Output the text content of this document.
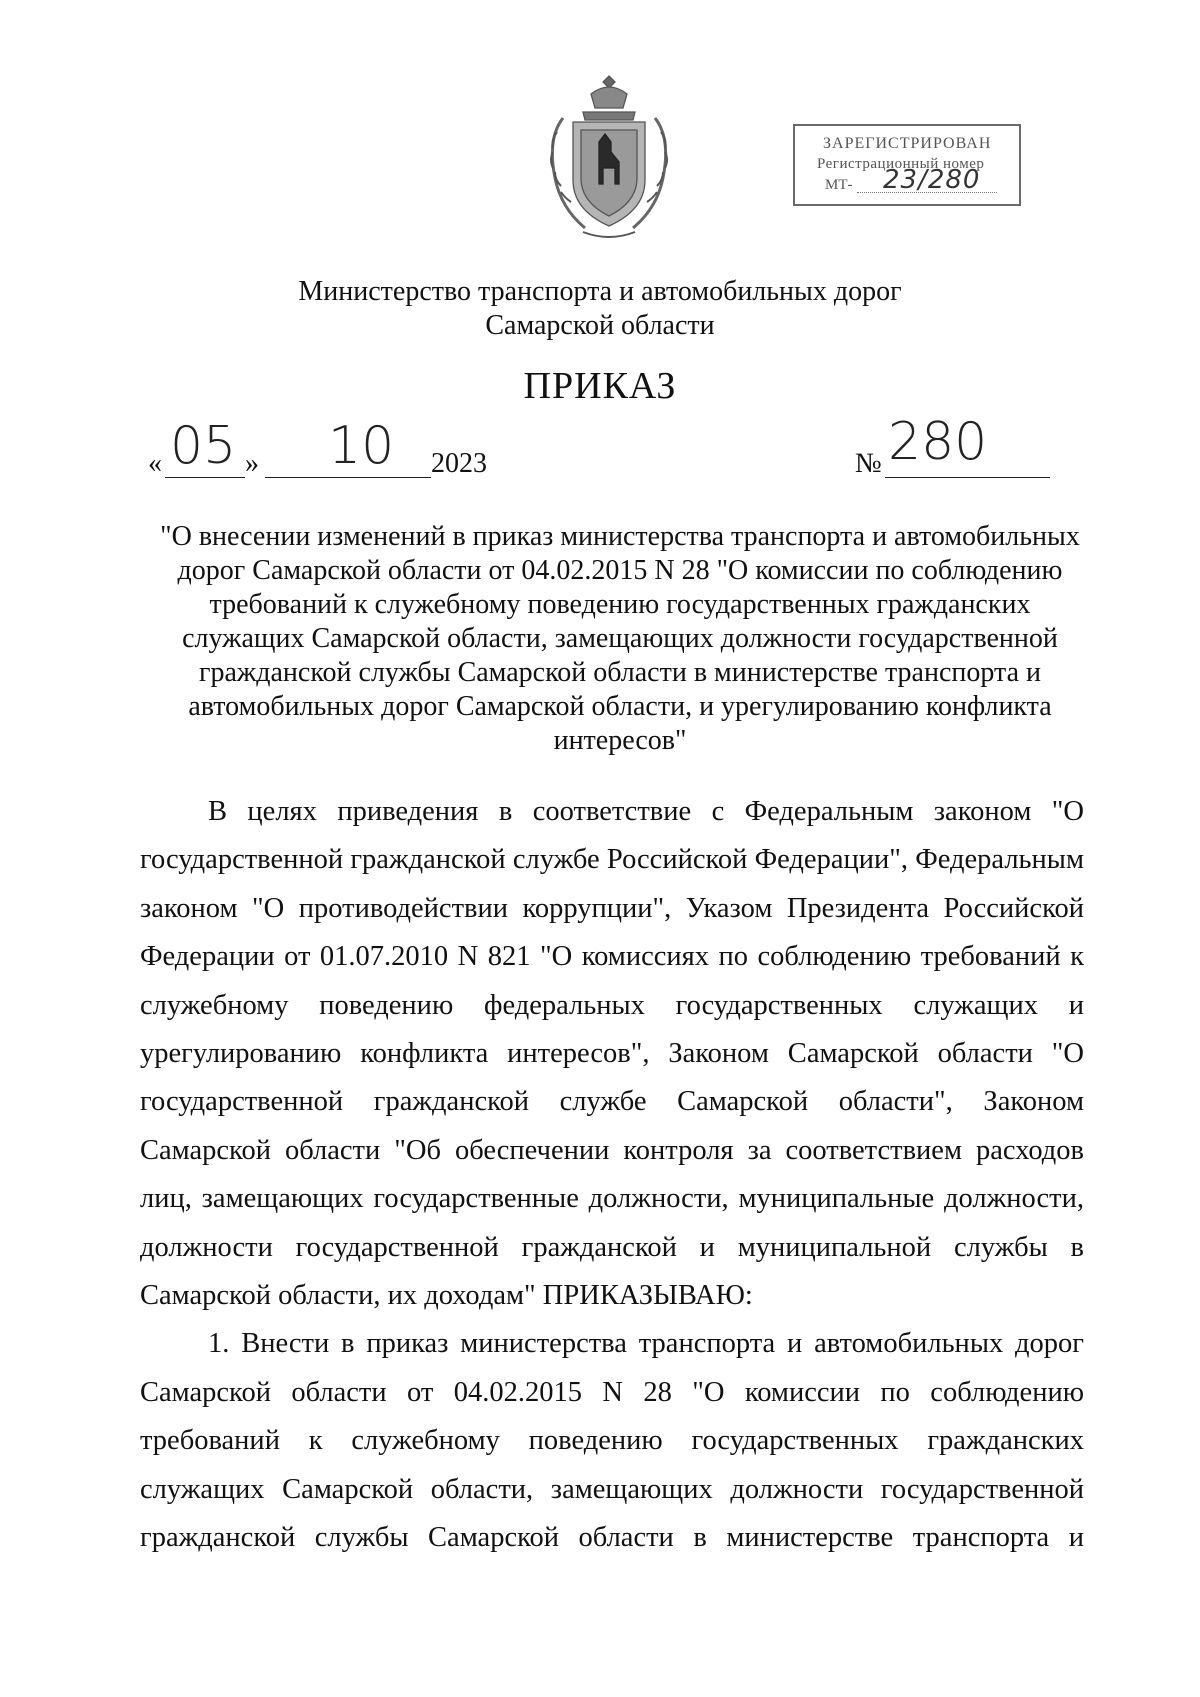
ЗАРЕГИСТРИРОВАН
Регистрационный номер
МТ- 23/280
Министерство транспорта и автомобильных дорог
Самарской области
ПРИКАЗ
« 05 » 10 2023	№ 280
"О внесении изменений в приказ министерства транспорта и автомобильных дорог Самарской области от 04.02.2015 N 28 "О комиссии по соблюдению требований к служебному поведению государственных гражданских служащих Самарской области, замещающих должности государственной гражданской службы Самарской области в министерстве транспорта и автомобильных дорог Самарской области, и урегулированию конфликта интересов"

В целях приведения в соответствие с Федеральным законом "О государственной гражданской службе Российской Федерации", Федеральным законом "О противодействии коррупции", Указом Президента Российской Федерации от 01.07.2010 N 821 "О комиссиях по соблюдению требований к служебному поведению федеральных государственных служащих и урегулированию конфликта интересов", Законом Самарской области "О государственной гражданской службе Самарской области", Законом Самарской области "Об обеспечении контроля за соответствием расходов лиц, замещающих государственные должности, муниципальные должности, должности государственной гражданской и муниципальной службы в Самарской области, их доходам" ПРИКАЗЫВАЮ:

1. Внести в приказ министерства транспорта и автомобильных дорог Самарской области от 04.02.2015 N 28 "О комиссии по соблюдению требований к служебному поведению государственных гражданских служащих Самарской области, замещающих должности государственной гражданской службы Самарской области в министерстве транспорта и
